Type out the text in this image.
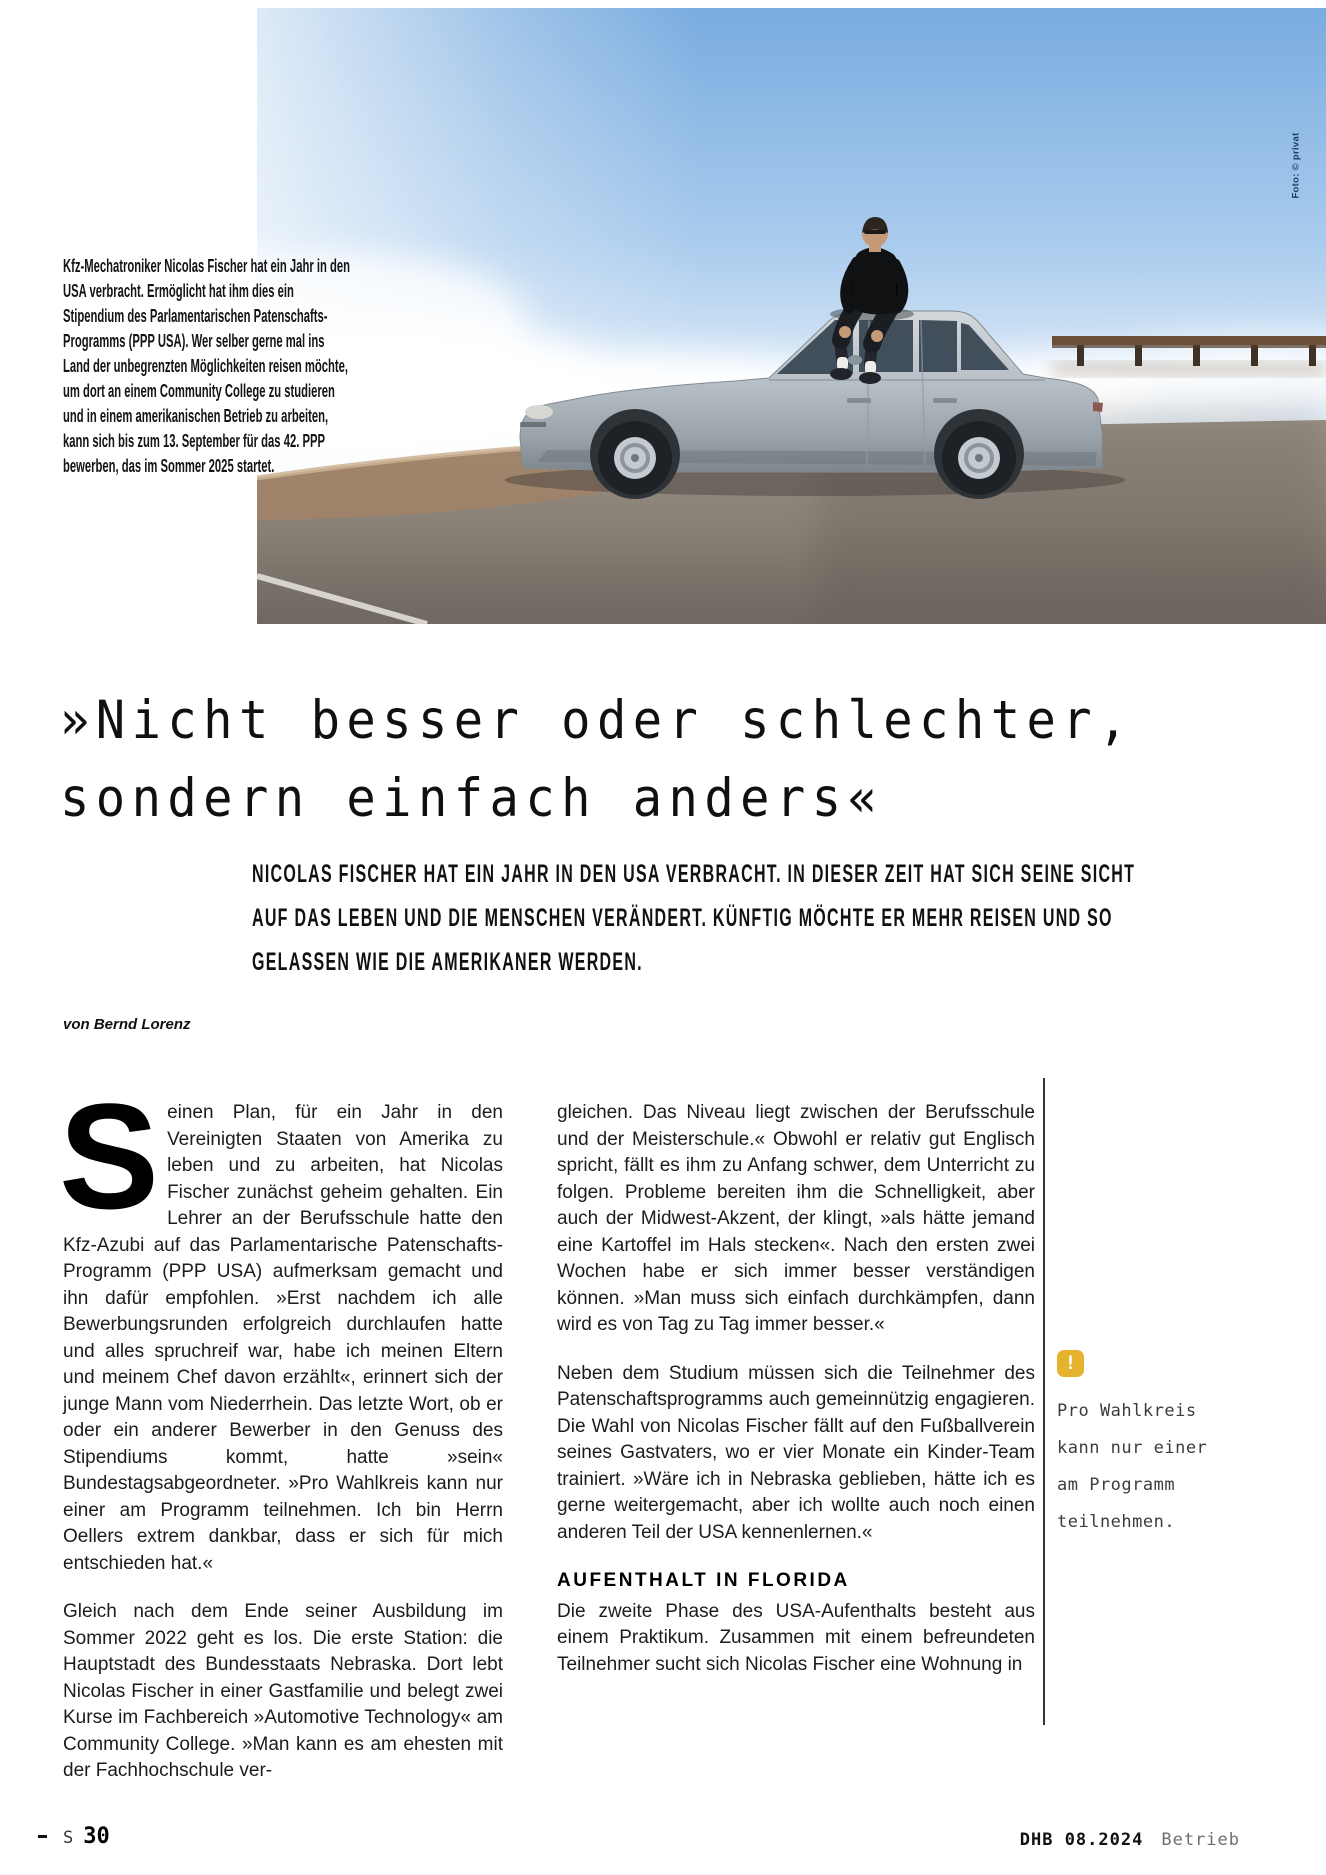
Foto: © privat
Kfz-Mechatroniker Nicolas Fischer hat ein Jahr in den USA verbracht. Ermöglicht hat ihm dies ein Stipendium des Parlamentarischen Patenschafts-Programms (PPP USA). Wer selber gerne mal ins Land der unbegrenzten Möglichkeiten reisen möchte, um dort an einem Community College zu studieren und in einem amerikanischen Betrieb zu arbeiten, kann sich bis zum 13. September für das 42. PPP bewerben, das im Sommer 2025 startet.
»Nicht besser oder schlechter,
sondern einfach anders«

NICOLAS FISCHER HAT EIN JAHR IN DEN USA VERBRACHT. IN DIESER ZEIT HAT SICH SEINE SICHT AUF DAS LEBEN UND DIE MENSCHEN VERÄNDERT. KÜNFTIG MÖCHTE ER MEHR REISEN UND SO GELASSEN WIE DIE AMERIKANER WERDEN.

von Bernd Lorenz

Seinen Plan, für ein Jahr in den Vereinigten Staaten von Amerika zu leben und zu arbeiten, hat Nicolas Fischer zunächst geheim gehalten. Ein Lehrer an der Berufsschule hatte den Kfz-Azubi auf das Parlamentarische Patenschafts-Programm (PPP USA) aufmerksam gemacht und ihn dafür empfohlen. »Erst nachdem ich alle Bewerbungsrunden erfolgreich durchlaufen hatte und alles spruchreif war, habe ich meinen Eltern und meinem Chef davon erzählt«, erinnert sich der junge Mann vom Niederrhein. Das letzte Wort, ob er oder ein anderer Bewerber in den Genuss des Stipendiums kommt, hatte »sein« Bundestagsabgeordneter. »Pro Wahlkreis kann nur einer am Programm teilnehmen. Ich bin Herrn Oellers extrem dankbar, dass er sich für mich entschieden hat.«

Gleich nach dem Ende seiner Ausbildung im Sommer 2022 geht es los. Die erste Station: die Hauptstadt des Bundesstaats Nebraska. Dort lebt Nicolas Fischer in einer Gastfamilie und belegt zwei Kurse im Fachbereich »Automotive Technology« am Community College. »Man kann es am ehesten mit der Fachhochschule ver-

gleichen. Das Niveau liegt zwischen der Berufsschule und der Meisterschule.« Obwohl er relativ gut Englisch spricht, fällt es ihm zu Anfang schwer, dem Unterricht zu folgen. Probleme bereiten ihm die Schnelligkeit, aber auch der Midwest-Akzent, der klingt, »als hätte jemand eine Kartoffel im Hals stecken«. Nach den ersten zwei Wochen habe er sich immer besser verständigen können. »Man muss sich einfach durchkämpfen, dann wird es von Tag zu Tag immer besser.«

Neben dem Studium müssen sich die Teilnehmer des Patenschaftsprogramms auch gemeinnützig engagieren. Die Wahl von Nicolas Fischer fällt auf den Fußballverein seines Gastvaters, wo er vier Monate ein Kinder-Team trainiert. »Wäre ich in Nebraska geblieben, hätte ich es gerne weitergemacht, aber ich wollte auch noch einen anderen Teil der USA kennenlernen.«

AUFENTHALT IN FLORIDA

Die zweite Phase des USA-Aufenthalts besteht aus einem Praktikum. Zusammen mit einem befreundeten Teilnehmer sucht sich Nicolas Fischer eine Wohnung in

!
Pro Wahlkreis kann nur einer am Programm teilnehmen.
S 30	DHB 08.2024 Betrieb
